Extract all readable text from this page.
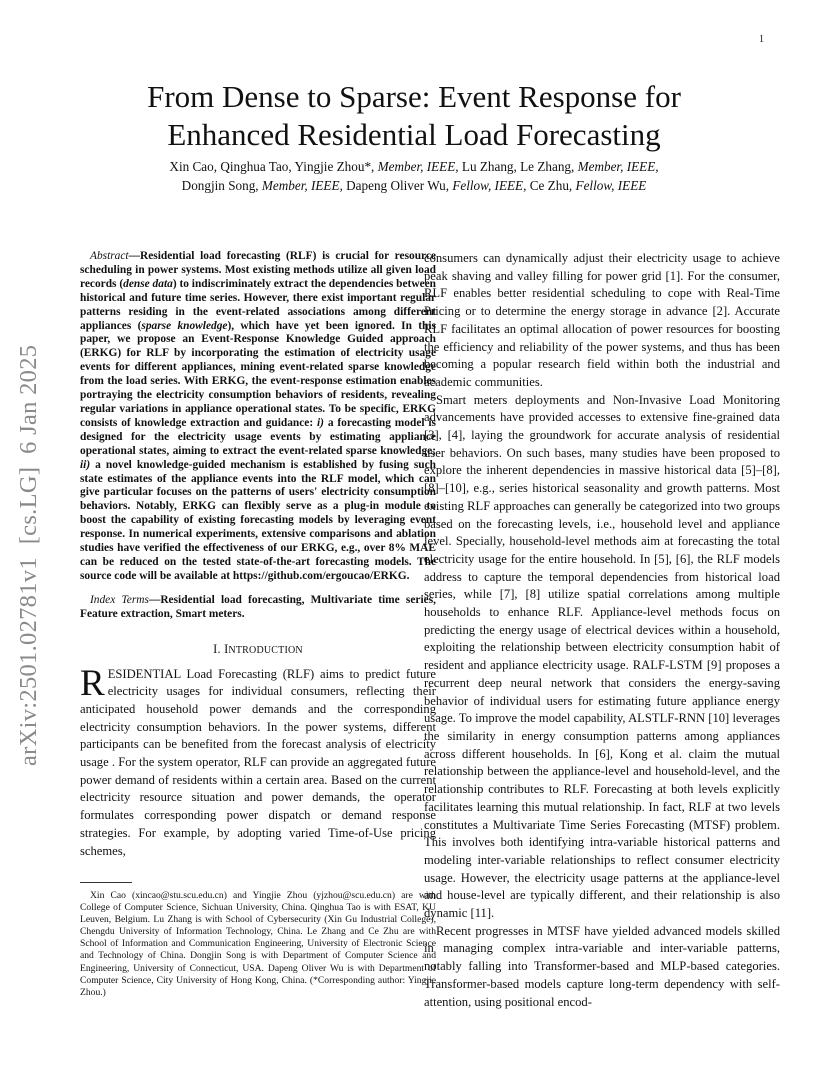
1
arXiv:2501.02781v1  [cs.LG]  6 Jan 2025
From Dense to Sparse: Event Response for
Enhanced Residential Load Forecasting
Xin Cao, Qinghua Tao, Yingjie Zhou*, Member, IEEE, Lu Zhang, Le Zhang, Member, IEEE,
Dongjin Song, Member, IEEE, Dapeng Oliver Wu, Fellow, IEEE, Ce Zhu, Fellow, IEEE

Abstract—Residential load forecasting (RLF) is crucial for resource scheduling in power systems. Most existing methods utilize all given load records (dense data) to indiscriminately extract the dependencies between historical and future time series. However, there exist important regular patterns residing in the event-related associations among different appliances (sparse knowledge), which have yet been ignored. In this paper, we propose an Event-Response Knowledge Guided approach (ERKG) for RLF by incorporating the estimation of electricity usage events for different appliances, mining event-related sparse knowledge from the load series. With ERKG, the event-response estimation enables portraying the electricity consumption behaviors of residents, revealing regular variations in appliance operational states. To be specific, ERKG consists of knowledge extraction and guidance: i) a forecasting model is designed for the electricity usage events by estimating appliance operational states, aiming to extract the event-related sparse knowledge; ii) a novel knowledge-guided mechanism is established by fusing such state estimates of the appliance events into the RLF model, which can give particular focuses on the patterns of users' electricity consumption behaviors. Notably, ERKG can flexibly serve as a plug-in module to boost the capability of existing forecasting models by leveraging event response. In numerical experiments, extensive comparisons and ablation studies have verified the effectiveness of our ERKG, e.g., over 8% MAE can be reduced on the tested state-of-the-art forecasting models. The source code will be available at https://github.com/ergoucao/ERKG.

Index Terms—Residential load forecasting, Multivariate time series, Feature extraction, Smart meters.

I. INTRODUCTION

RESIDENTIAL Load Forecasting (RLF) aims to predict future electricity usages for individual consumers, reflecting their anticipated household power demands and the corresponding electricity consumption behaviors. In the power systems, different participants can be benefited from the forecast analysis of electricity usage . For the system operator, RLF can provide an aggregated future power demand of residents within a certain area. Based on the current electricity resource situation and power demands, the operator formulates corresponding power dispatch or demand response strategies. For example, by adopting varied Time-of-Use pricing schemes,

Xin Cao (xincao@stu.scu.edu.cn) and Yingjie Zhou (yjzhou@scu.edu.cn) are with College of Computer Science, Sichuan University, China. Qinghua Tao is with ESAT, KU Leuven, Belgium. Lu Zhang is with School of Cybersecurity (Xin Gu Industrial College), Chengdu University of Information Technology, China. Le Zhang and Ce Zhu are with School of Information and Communication Engineering, University of Electronic Science and Technology of China. Dongjin Song is with Department of Computer Science and Engineering, University of Connecticut, USA. Dapeng Oliver Wu is with Department of Computer Science, City University of Hong Kong, China. (*Corresponding author: Yingjie Zhou.)

consumers can dynamically adjust their electricity usage to achieve peak shaving and valley filling for power grid [1]. For the consumer, RLF enables better residential scheduling to cope with Real-Time Pricing or to determine the energy storage in advance [2]. Accurate RLF facilitates an optimal allocation of power resources for boosting the efficiency and reliability of the power systems, and thus has been becoming a popular research field within both the industrial and academic communities.

Smart meters deployments and Non-Invasive Load Monitoring advancements have provided accesses to extensive fine-grained data [3], [4], laying the groundwork for accurate analysis of residential user behaviors. On such bases, many studies have been proposed to explore the inherent dependencies in massive historical data [5]–[8], [8]–[10], e.g., series historical seasonality and growth patterns. Most existing RLF approaches can generally be categorized into two groups based on the forecasting levels, i.e., household level and appliance level. Specially, household-level methods aim at forecasting the total electricity usage for the entire household. In [5], [6], the RLF models address to capture the temporal dependencies from historical load series, while [7], [8] utilize spatial correlations among multiple households to enhance RLF. Appliance-level methods focus on predicting the energy usage of electrical devices within a household, exploiting the relationship between electricity consumption habit of resident and appliance electricity usage. RALF-LSTM [9] proposes a recurrent deep neural network that considers the energy-saving behavior of individual users for estimating future appliance energy usage. To improve the model capability, ALSTLF-RNN [10] leverages the similarity in energy consumption patterns among appliances across different households. In [6], Kong et al. claim the mutual relationship between the appliance-level and household-level, and the relationship contributes to RLF. Forecasting at both levels explicitly facilitates learning this mutual relationship. In fact, RLF at two levels constitutes a Multivariate Time Series Forecasting (MTSF) problem. This involves both identifying intra-variable historical patterns and modeling inter-variable relationships to reflect consumer electricity usage. However, the electricity usage patterns at the appliance-level and house-level are typically different, and their relationship is also dynamic [11].

Recent progresses in MTSF have yielded advanced models skilled in managing complex intra-variable and inter-variable patterns, notably falling into Transformer-based and MLP-based categories. Transformer-based models capture long-term dependency with self-attention, using positional encod-
